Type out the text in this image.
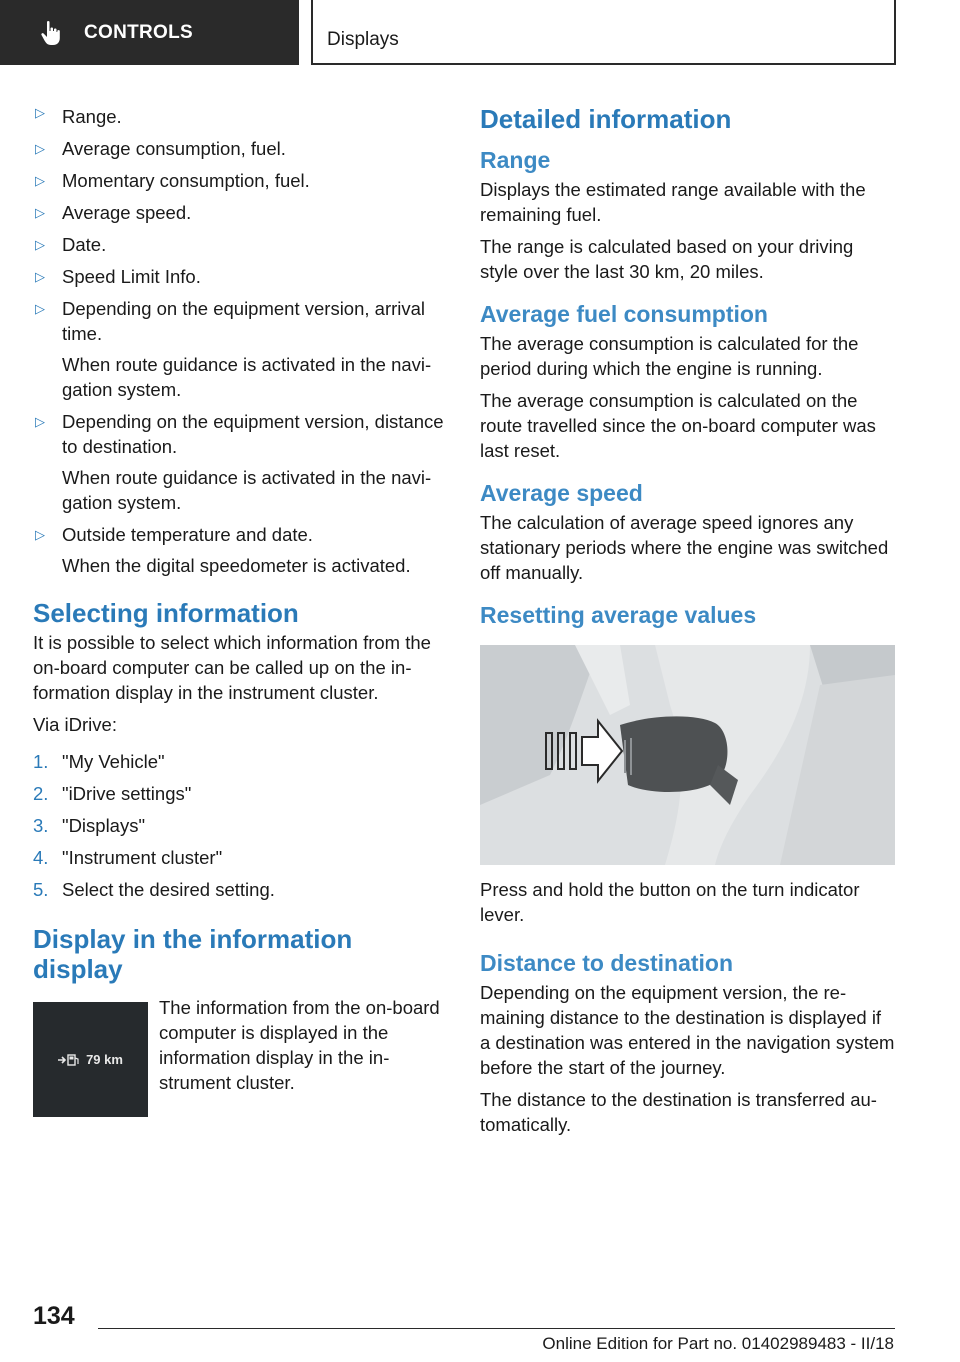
CONTROLS	Displays
▷ Range.
▷ Average consumption, fuel.
▷ Momentary consumption, fuel.
▷ Average speed.
▷ Date.
▷ Speed Limit Info.
▷ Depending on the equipment version, arrival time.

When route guidance is activated in the navigation system.

▷ Depending on the equipment version, distance to destination.

When route guidance is activated in the navigation system.

▷ Outside temperature and date.

When the digital speedometer is activated.

Selecting information

It is possible to select which information from the on-board computer can be called up on the information display in the instrument cluster.

Via iDrive:

1. "My Vehicle"
2. "iDrive settings"
3. "Displays"
4. "Instrument cluster"
5. Select the desired setting.
Display in the information display
79 km

The information from the on-board computer is displayed in the information display in the instrument cluster.

Detailed information
Range

Displays the estimated range available with the remaining fuel.

The range is calculated based on your driving style over the last 30 km, 20 miles.

Average fuel consumption

The average consumption is calculated for the period during which the engine is running.

The average consumption is calculated on the route travelled since the on-board computer was last reset.

Average speed

The calculation of average speed ignores any stationary periods where the engine was switched off manually.

Resetting average values

Press and hold the button on the turn indicator lever.

Distance to destination

Depending on the equipment version, the remaining distance to the destination is displayed if a destination was entered in the navigation system before the start of the journey.

The distance to the destination is transferred automatically.

134
Online Edition for Part no. 01402989483 - II/18
